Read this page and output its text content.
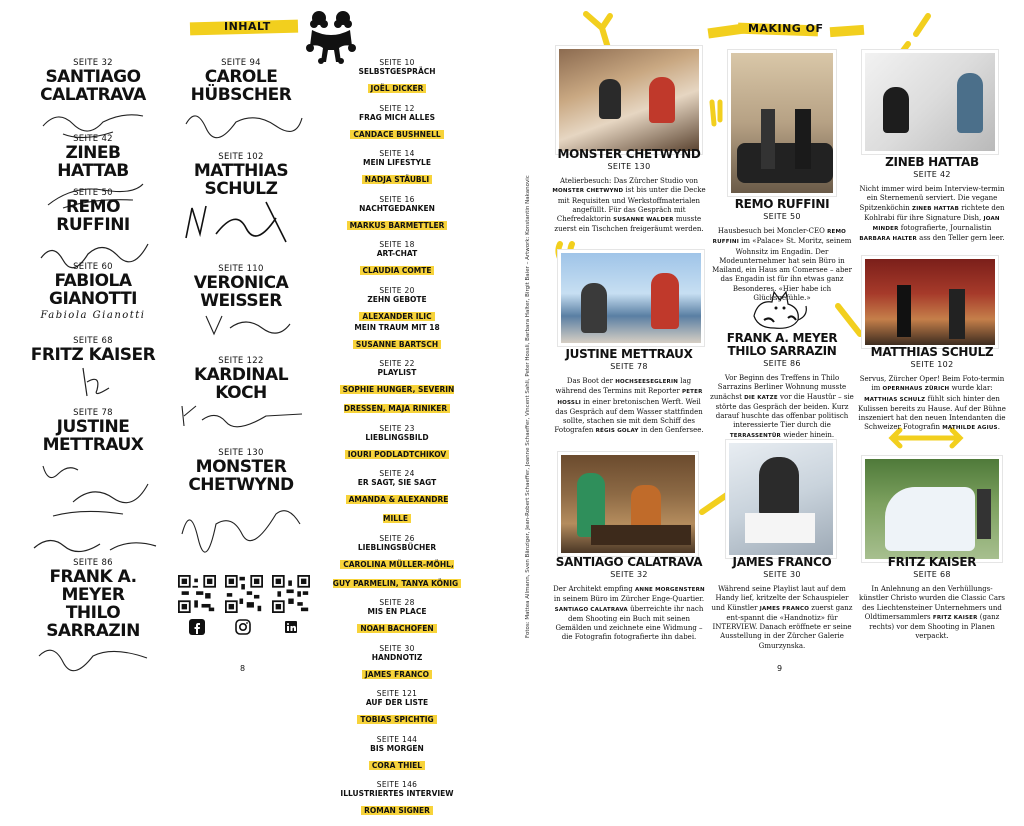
INHALT
SEITE 32
SANTIAGO
CALATRAVA
SEITE 42
ZINEB HATTAB
SEITE 50
REMO RUFFINI
SEITE 60
FABIOLA
GIANOTTI
Fabiola Gianotti
SEITE 68
FRITZ KAISER
SEITE 78
JUSTINE
METTRAUX
SEITE 86
FRANK A. MEYER
THILO SARRAZIN
SEITE 94
CAROLE
HÜBSCHER
SEITE 102
MATTHIAS
SCHULZ
SEITE 110
VERONICA
WEISSER
SEITE 122
KARDINAL
KOCH
SEITE 130
MONSTER
CHETWYND
SEITE 10
SELBSTGESPRÄCH
JOËL DICKER
SEITE 12
FRAG MICH ALLES
CANDACE BUSHNELL
SEITE 14
MEIN LIFESTYLE
NADJA STÄUBLI
SEITE 16
NACHTGEDANKEN
MARKUS BARMETTLER
SEITE 18
ART-CHAT
CLAUDIA COMTE
SEITE 20
ZEHN GEBOTE
ALEXANDER ILIC
MEIN TRAUM MIT 18
SUSANNE BARTSCH
SEITE 22
PLAYLIST
SOPHIE HUNGER, SEVERIN
DRESSEN, MAJA RINIKER
SEITE 23
LIEBLINGSBILD
IOURI PODLADTCHIKOV
SEITE 24
ER SAGT, SIE SAGT
AMANDA & ALEXANDRE MILLE
SEITE 26
LIEBLINGSBÜCHER
CAROLINA MÜLLER-MÖHL,
GUY PARMELIN, TANYA KÖNIG
SEITE 28
MIS EN PLACE
NOAH BACHOFEN
SEITE 30
HANDNOTIZ
JAMES FRANCO
SEITE 121
AUF DER LISTE
TOBIAS SPICHTIG
SEITE 144
BIS MORGEN
CORA THIEL
SEITE 146
ILLUSTRIERTES INTERVIEW
ROMAN SIGNER
8
MAKING OF
MONSTER CHETWYND
SEITE 130
Atelierbesuch: Das Zürcher Studio von MONSTER CHETWYND ist bis unter die Decke mit Requisiten und Werkstoffmaterialen angefüllt. Für das Gespräch mit Chefredaktorin SUSANNE WALDER musste zuerst ein Tischchen freigeräumt werden.
REMO RUFFINI
SEITE 50
Hausbesuch bei Moncler-CEO REMO RUFFINI im «Palace» St. Moritz, seinem Wohnsitz im Engadin. Der Modeunternehmer hat sein Büro in Mailand, ein Haus am Comersee – aber das Engadin ist für ihn etwas ganz Besonderes. «Hier habe ich Glücksgefühle.»
ZINEB HATTAB
SEITE 42
Nicht immer wird beim Interview-termin ein Sternemenü serviert. Die vegane Spitzenköchin ZINEB HATTAB richtete den Kohlrabi für ihre Signature Dish, JOAN MINDER fotografierte, Journalistin BARBARA HALTER ass den Teller gern leer.
JUSTINE METTRAUX
SEITE 78
Das Boot der HOCHSEESEGLERIN lag während des Termins mit Reporter PETER HOSSLI in einer bretonischen Werft. Weil das Gespräch auf dem Wasser stattfinden sollte, stachen sie mit dem Schiff des Fotografen RÉGIS GOLAY in den Genfersee.
FRANK A. MEYER
THILO SARRAZIN
SEITE 86
Vor Beginn des Treffens in Thilo Sarrazins Berliner Wohnung musste zunächst DIE KATZE vor die Haustür – sie störte das Gespräch der beiden. Kurz darauf huschte das offenbar politisch interessierte Tier durch die TERRASSENTÜR wieder hinein.
MATTHIAS SCHULZ
SEITE 102
Servus, Zürcher Oper! Beim Foto-termin im OPERNHAUS ZÜRICH wurde klar: MATTHIAS SCHULZ fühlt sich hinter den Kulissen bereits zu Hause. Auf der Bühne inszeniert hat den neuen Intendanten die Schweizer Fotografin MATHILDE AGIUS.
SANTIAGO CALATRAVA
SEITE 32
Der Architekt empfing ANNE MORGENSTERN in seinem Büro im Zürcher Enge-Quartier. SANTIAGO CALATRAVA überreichte ihr nach dem Shooting ein Buch mit seinen Gemälden und zeichnete eine Widmung – die Fotografin fotografierte ihn dabei.
JAMES FRANCO
SEITE 30
Während seine Playlist laut auf dem Handy lief, kritzelte der Schauspieler und Künstler JAMES FRANCO zuerst ganz ent-spannt die «Handnotiz» für INTERVIEW. Danach eröffnete er seine Ausstellung in der Zürcher Galerie Gmurzynska.
FRITZ KAISER
SEITE 68
In Anlehnung an den Verhüllungs-künstler Christo wurden die Classic Cars des Liechtensteiner Unternehmers und Oldtimersammlers FRITZ KAISER (ganz rechts) vor dem Shooting in Planen verpackt.
9
Fotos: Mattea Allmann, Sven Bänziger, Jean-Robert Schaeffer, Joanne Schaeffer, Vincent Sahli, Peter Hossli, Barbara Halter, Birgit Baier – Artwork: Konstantin Nakanovic
